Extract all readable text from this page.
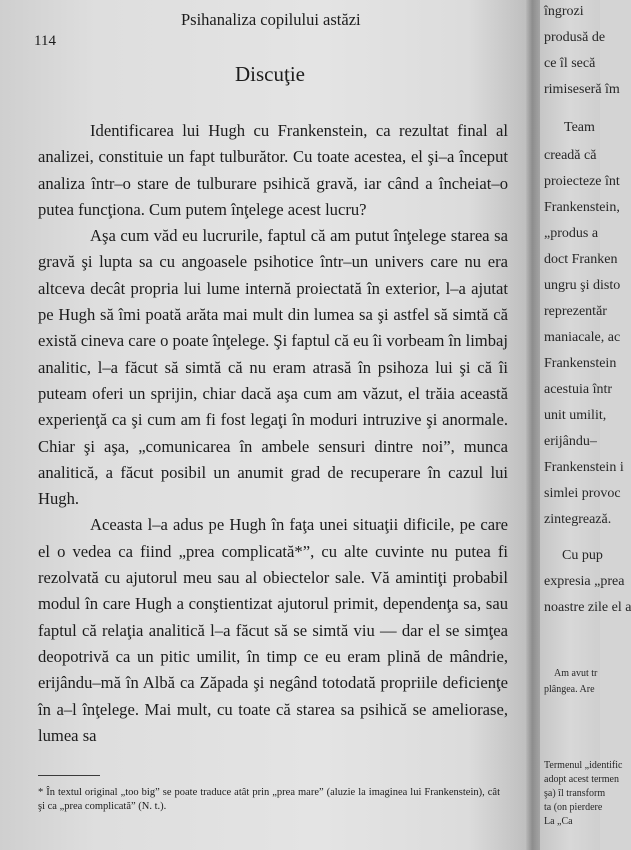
Psihanaliza copilului astăzi
114
Discuţie

Identificarea lui Hugh cu Frankenstein, ca rezultat final al analizei, constituie un fapt tulburător. Cu toate acestea, el şi–a început analiza într–o stare de tulburare psihică gravă, iar când a încheiat–o putea funcţiona. Cum putem înţelege acest lucru?

Aşa cum văd eu lucrurile, faptul că am putut înţelege starea sa gravă şi lupta sa cu angoasele psihotice într–un univers care nu era altceva decât propria lui lume internă proiectată în exterior, l–a ajutat pe Hugh să îmi poată arăta mai mult din lumea sa şi astfel să simtă că există cineva care o poate înţelege. Şi faptul că eu îi vorbeam în limbaj analitic, l–a făcut să simtă că nu eram atrasă în psihoza lui şi că îi puteam oferi un sprijin, chiar dacă aşa cum am văzut, el trăia această experienţă ca şi cum am fi fost legaţi în moduri intruzive şi anormale. Chiar şi aşa, „comunicarea în ambele sensuri dintre noi”, munca analitică, a făcut posibil un anumit grad de recuperare în cazul lui Hugh.

Aceasta l–a adus pe Hugh în faţa unei situaţii dificile, pe care el o vedea ca fiind „prea complicată*”, cu alte cuvinte nu putea fi rezolvată cu ajutorul meu sau al obiectelor sale. Vă amintiţi probabil modul în care Hugh a conştientizat ajutorul primit, dependenţa sa, sau faptul că relaţia analitică l–a făcut să se simtă viu — dar el se simţea deopotrivă ca un pitic umilit, în timp ce eu eram plină de mândrie, erijându–mă în Albă ca Zăpada şi negând totodată propriile deficienţe în a–l înţelege. Mai mult, cu toate că starea sa psihică se ameliorase, lumea sa

* În textul original „too big” se poate traduce atât prin „prea mare” (aluzie la imaginea lui Frankenstein), cât şi ca „prea complicată” (N. t.).
îngrozi
produsă de
ce îl secă
rimiseseră îm
Team
creadă că
proiecteze înt
Frankenstein,
„produs a
doct Franken
ungru şi disto
reprezentăr
maniacale, ac
Frankenstein
acestuia într
unit umilit,
erijându–
Frankenstein i
simlei provoc
zintegrează.
Cu pup
expresia „prea
noastre zile el a
Am avut tr
plângea. Are
Termenul „identific
adopt acest termen
şa) îl transform
ta (on pierdere
La „Ca
